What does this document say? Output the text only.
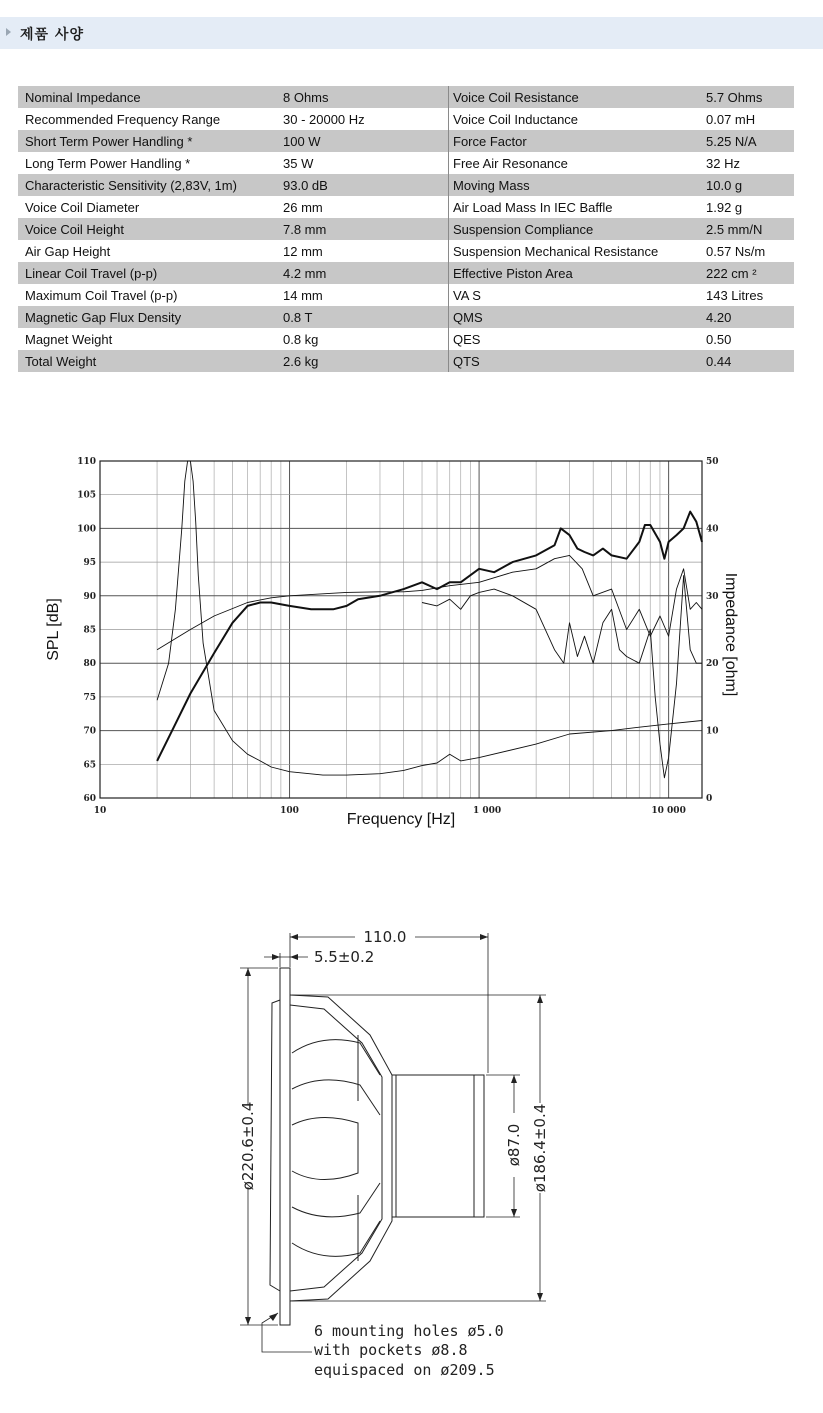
제품 사양
Nominal Impedance	8 Ohms	Voice Coil Resistance	5.7 Ohms
Recommended Frequency Range	30 - 20000 Hz	Voice Coil Inductance	0.07 mH
Short Term Power Handling *	100 W	Force Factor	5.25 N/A
Long Term Power Handling *	35 W	Free Air Resonance	32 Hz
Characteristic Sensitivity (2,83V, 1m)	93.0 dB	Moving Mass	10.0 g
Voice Coil Diameter	26 mm	Air Load Mass In IEC Baffle	1.92 g
Voice Coil Height	7.8 mm	Suspension Compliance	2.5 mm/N
Air Gap Height	12 mm	Suspension Mechanical Resistance	0.57 Ns/m
Linear Coil Travel (p-p)	4.2 mm	Effective Piston Area	222 cm ²
Maximum Coil Travel (p-p)	14 mm	VA S	143 Litres
Magnetic Gap Flux Density	0.8 T	QMS	4.20
Magnet Weight	0.8 kg	QES	0.50
Total Weight	2.6 kg	QTS	0.44
60
65
70
75
80
85
90
95
100
105
110
0
10
20
30
40
50
10	100	1 000	10 000
Frequency [Hz]
SPL [dB]	Impedance [ohm]
110.0
5.5±0.2
ø220.6±0.4	ø87.0 ø186.4±0.4
6 mounting holes ø5.0
with pockets ø8.8
equispaced on ø209.5
